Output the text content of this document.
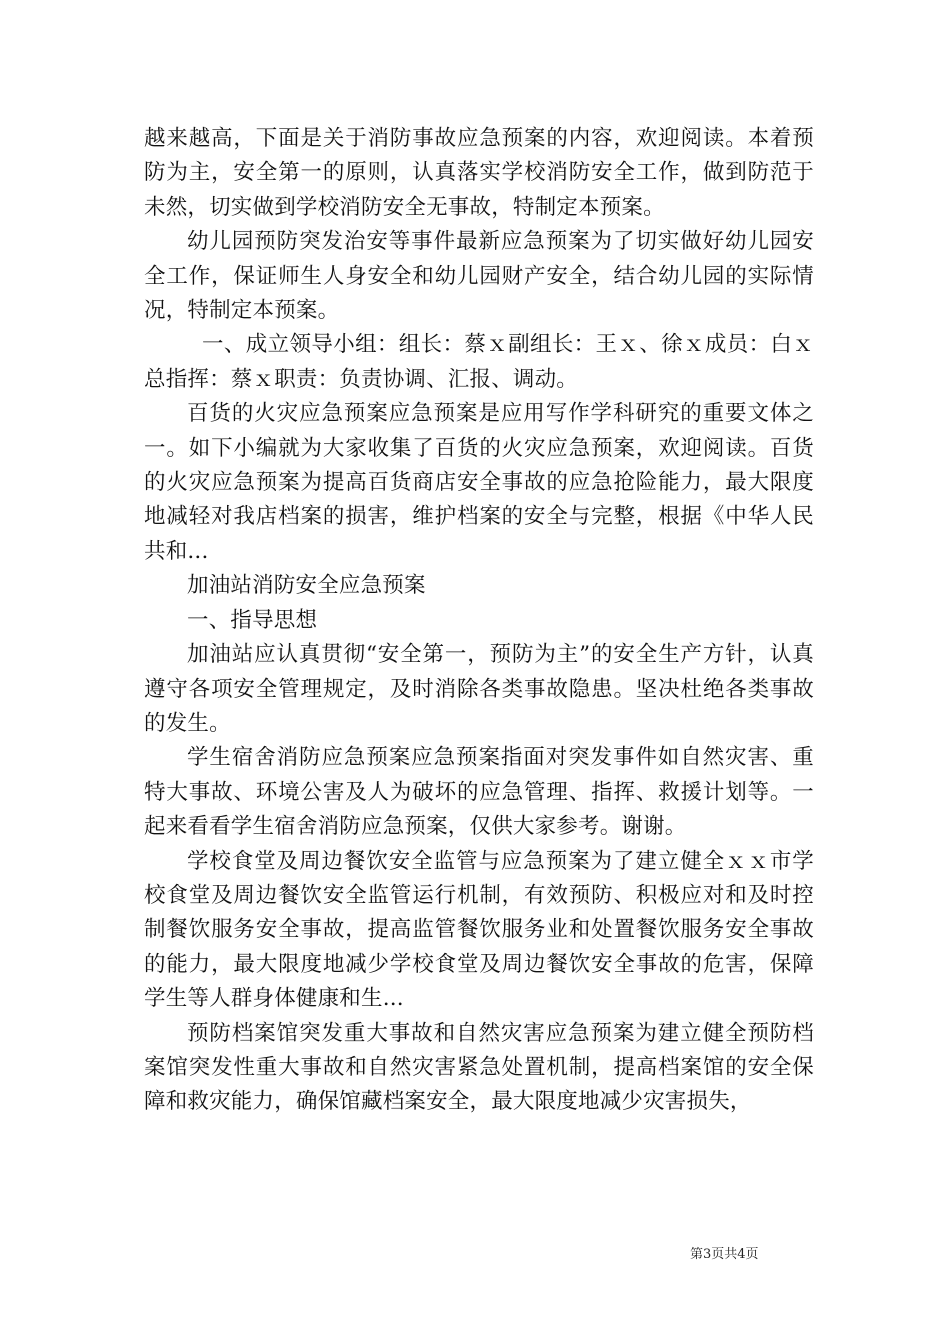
越来越高，下面是关于消防事故应急预案的内容，欢迎阅读。本着预防为主，安全第一的原则，认真落实学校消防安全工作，做到防范于未然，切实做到学校消防安全无事故，特制定本预案。

幼儿园预防突发治安等事件最新应急预案为了切实做好幼儿园安全工作，保证师生人身安全和幼儿园财产安全，结合幼儿园的实际情况，特制定本预案。

一、成立领导小组：组长：蔡ｘ副组长：王ｘ、徐ｘ成员：白ｘ总指挥：蔡ｘ职责：负责协调、汇报、调动。

百货的火灾应急预案应急预案是应用写作学科研究的重要文体之一。如下小编就为大家收集了百货的火灾应急预案，欢迎阅读。百货的火灾应急预案为提高百货商店安全事故的应急抢险能力，最大限度地减轻对我店档案的损害，维护档案的安全与完整，根据《中华人民共和...

加油站消防安全应急预案

一、指导思想

加油站应认真贯彻“安全第一，预防为主”的安全生产方针，认真遵守各项安全管理规定，及时消除各类事故隐患。坚决杜绝各类事故的发生。

学生宿舍消防应急预案应急预案指面对突发事件如自然灾害、重特大事故、环境公害及人为破坏的应急管理、指挥、救援计划等。一起来看看学生宿舍消防应急预案，仅供大家参考。谢谢。

学校食堂及周边餐饮安全监管与应急预案为了建立健全ｘｘ市学校食堂及周边餐饮安全监管运行机制，有效预防、积极应对和及时控制餐饮服务安全事故，提高监管餐饮服务业和处置餐饮服务安全事故的能力，最大限度地减少学校食堂及周边餐饮安全事故的危害，保障学生等人群身体健康和生...

预防档案馆突发重大事故和自然灾害应急预案为建立健全预防档案馆突发性重大事故和自然灾害紧急处置机制，提高档案馆的安全保障和救灾能力，确保馆藏档案安全，最大限度地减少灾害损失，

第3页共4页
